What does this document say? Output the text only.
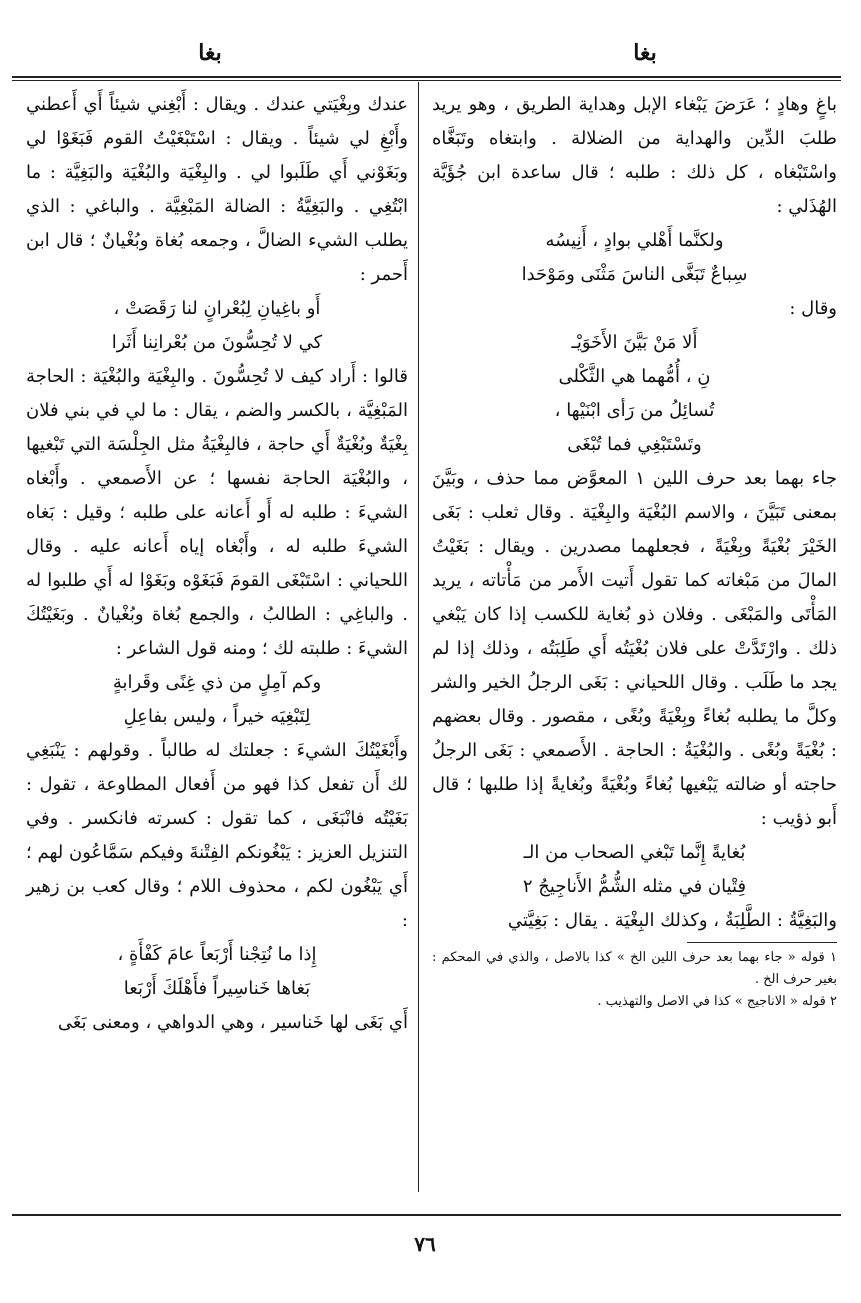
بغا
بغا

باغٍ وهادٍ ؛ عَرَضَ يَبْغاء الإبل وهداية الطريق ، وهو يريد طلبَ الدِّين والهداية من الضلالة . وابتغاه وتَبَغَّاه واسْتَبْغاه ، كل ذلك : طلبه ؛ قال ساعدة ابن جُؤَيَّة الهُذَلي :

ولكنَّما أَهْلي بوادٍ ، أَنِيسُه

سِباعٌ تَبَغَّى الناسَ مَثْنَى ومَوْحَدا

وقال :

أَلا مَنْ بَيَّنَ الأَخَوَيْـ

نِ ، أُمُّهما هي الثَّكْلى

تُسائِلُ من رَأى ابْنَيْها ،

وتَسْتَبْغِي فما تُبْغَى

جاء بهما بعد حرف اللين ١ المعوَّض مما حذف ، وبَيَّنَ بمعنى تَبَيَّنَ ، والاسم البُغْيَة والبِغْيَة . وقال ثعلب : بَغَى الخَيْرَ بُغْيَةً وبِغْيَةً ، فجعلهما مصدرين . ويقال : بَغَيْتُ المالَ من مَبْغاته كما تقول أَتيت الأَمر من مَأْتاته ، يريد المَأْتَى والمَبْغَى . وفلان ذو بُغاية للكسب إذا كان يَبْغي ذلك . وارْتَدَّتْ على فلان بُغْيَتُه أَي طَلِبَتُه ، وذلك إذا لم يجد ما طَلَب . وقال اللحياني : بَغَى الرجلُ الخير والشر وكلَّ ما يطلبه بُغاءً وبِغْيَةً وبُغًى ، مقصور . وقال بعضهم : بُغْيَةً وبُغًى . والبُغْيَةُ : الحاجة . الأَصمعي : بَغَى الرجلُ حاجته أو ضالته يَبْغيها بُغاءً وبُغْيَةً وبُغايةً إذا طلبها ؛ قال أَبو ذؤيب :

بُغايةً إِنَّما تَبْغي الصحاب من الـ

فِتْيان في مثله الشُّمُّ الأَناجِيجُ ٢

والبَغِيَّةُ : الطَّلِبَةُ ، وكذلك البِغْيَة . يقال : بَغِيَّتي

١ قوله « جاء بهما بعد حرف اللين الخ » كذا بالاصل ، والذي في المحكم : بغير حرف الخ .

٢ قوله « الاناجيج » كذا في الاصل والتهذيب .

عندك وبِغْيَتي عندك . ويقال : أَبْغِني شيئاً أَي أَعطني وأَبْغِ لي شيئاً . ويقال : اسْتَبْغَيْتُ القوم فَبَغَوْا لي وبَغَوْني أَي طَلَبوا لي . والبِغْيَة والبُغْيَة والبَغِيَّة : ما ابْتُغِي . والبَغِيَّةُ : الضالة المَبْغِيَّة . والباغي : الذي يطلب الشيء الضالَّ ، وجمعه بُغاة وبُغْيانٌ ؛ قال ابن أَحمر :

أَو باغِيانِ لِبُعْرانٍ لنا رَقَصَتْ ،

كي لا تُحِسُّونَ من بُعْرانِنا أَثَرا

قالوا : أَراد كيف لا تُحِسُّونَ . والبِغْيَة والبُغْيَة : الحاجة المَبْغِيَّة ، بالكسر والضم ، يقال : ما لي في بني فلان بِغْيَةٌ وبُغْيَةٌ أَي حاجة ، فالبِغْيَةُ مثل الجِلْسَة التي تَبْغيها ، والبُغْيَة الحاجة نفسها ؛ عن الأَصمعي . وأَبْغاه الشيءَ : طلبه له أَو أَعانه على طلبه ؛ وقيل : بَغاه الشيءَ طلبه له ، وأَبْغاه إياه أَعانه عليه . وقال اللحياني : اسْتَبْغَى القومَ فَبَغَوْه وبَغَوْا له أَي طلبوا له . والباغِي : الطالبُ ، والجمع بُغاة وبُغْيانٌ . وبَغَيْتُكَ الشيءَ : طلبته لك ؛ ومنه قول الشاعر :

وكم آمِلٍ من ذي غِنًى وقَرابةٍ

لِتَبْغِيَه خيراً ، وليس بفاعِلِ

وأَبْغَيْتُكَ الشيءَ : جعلتك له طالباً . وقولهم : يَنْبَغِي لك أَن تفعل كذا فهو من أَفعال المطاوعة ، تقول : بَغَيْتُه فانْبَغَى ، كما تقول : كسرته فانكسر . وفي التنزيل العزيز : يَبْغُونكم الفِتْنةَ وفيكم سَمَّاعُون لهم ؛ أَي يَبْغُون لكم ، محذوف اللام ؛ وقال كعب بن زهير :

إِذا ما نُتِجْنا أَرْبَعاً عامَ كَفْأَةٍ ،

بَغاها خَناسِيراً فأَهْلَكَ أَرْبَعا

أَي بَغَى لها خَناسير ، وهي الدواهي ، ومعنى بَغَى

٧٦
